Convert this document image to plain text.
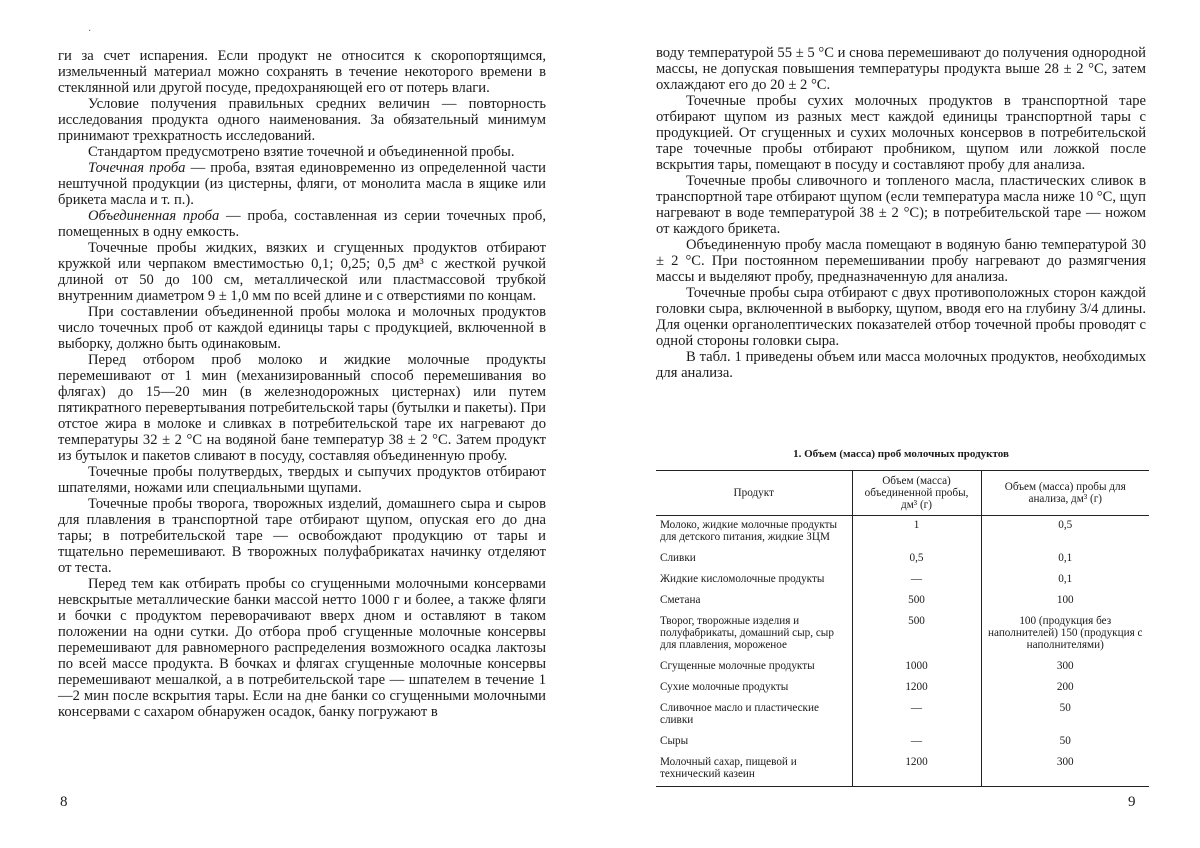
·

ги за счет испарения. Если продукт не относится к скоропортящимся, измельченный материал можно сохранять в течение некоторого времени в стеклянной или другой посуде, предохраняющей его от потерь влаги.

Условие получения правильных средних величин — повторность исследования продукта одного наименования. За обязательный минимум принимают трехкратность исследований.

Стандартом предусмотрено взятие точечной и объединенной пробы.

Точечная проба — проба, взятая единовременно из определенной части нештучной продукции (из цистерны, фляги, от монолита масла в ящике или брикета масла и т. п.).

Объединенная проба — проба, составленная из серии точечных проб, помещенных в одну емкость.

Точечные пробы жидких, вязких и сгущенных продуктов отбирают кружкой или черпаком вместимостью 0,1; 0,25; 0,5 дм³ с жесткой ручкой длиной от 50 до 100 см, металлической или пластмассовой трубкой внутренним диаметром 9 ± 1,0 мм по всей длине и с отверстиями по концам.

При составлении объединенной пробы молока и молочных продуктов число точечных проб от каждой единицы тары с продукцией, включенной в выборку, должно быть одинаковым.

Перед отбором проб молоко и жидкие молочные продукты перемешивают от 1 мин (механизированный способ перемешивания во флягах) до 15—20 мин (в железнодорожных цистернах) или путем пятикратного перевертывания потребительской тары (бутылки и пакеты). При отстое жира в молоке и сливках в потребительской таре их нагревают до температуры 32 ± 2 °С на водяной бане температур 38 ± 2 °С. Затем продукт из бутылок и пакетов сливают в посуду, составляя объединенную пробу.

Точечные пробы полутвердых, твердых и сыпучих продуктов отбирают шпателями, ножами или специальными щупами.

Точечные пробы творога, творожных изделий, домашнего сыра и сыров для плавления в транспортной таре отбирают щупом, опуская его до дна тары; в потребительской таре — освобождают продукцию от тары и тщательно перемешивают. В творожных полуфабрикатах начинку отделяют от теста.

Перед тем как отбирать пробы со сгущенными молочными консервами невскрытые металлические банки массой нетто 1000 г и более, а также фляги и бочки с продуктом переворачивают вверх дном и оставляют в таком положении на одни сутки. До отбора проб сгущенные молочные консервы перемешивают для равномерного распределения возможного осадка лактозы по всей массе продукта. В бочках и флягах сгущенные молочные консервы перемешивают мешалкой, а в потребительской таре — шпателем в течение 1—2 мин после вскрытия тары. Если на дне банки со сгущенными молочными консервами с сахаром обнаружен осадок, банку погружают в

8

воду температурой 55 ± 5 °С и снова перемешивают до получения однородной массы, не допуская повышения температуры продукта выше 28 ± 2 °С, затем охлаждают его до 20 ± 2 °С.

Точечные пробы сухих молочных продуктов в транспортной таре отбирают щупом из разных мест каждой единицы транспортной тары с продукцией. От сгущенных и сухих молочных консервов в потребительской таре точечные пробы отбирают пробником, щупом или ложкой после вскрытия тары, помещают в посуду и составляют пробу для анализа.

Точечные пробы сливочного и топленого масла, пластических сливок в транспортной таре отбирают щупом (если температура масла ниже 10 °С, щуп нагревают в воде температурой 38 ± 2 °С); в потребительской таре — ножом от каждого брикета.

Объединенную пробу масла помещают в водяную баню температурой 30 ± 2 °С. При постоянном перемешивании пробу нагревают до размягчения массы и выделяют пробу, предназначенную для анализа.

Точечные пробы сыра отбирают с двух противоположных сторон каждой головки сыра, включенной в выборку, щупом, вводя его на глубину 3/4 длины. Для оценки органолептических показателей отбор точечной пробы проводят с одной стороны головки сыра.

В табл. 1 приведены объем или масса молочных продуктов, необходимых для анализа.

1. Объем (масса) проб молочных продуктов
Продукт	Объем (масса) объединенной пробы, дм³ (г)	Объем (масса) пробы для анализа, дм³ (г)
Молоко, жидкие молочные продукты для детского питания, жидкие ЗЦМ	1	0,5
Сливки	0,5	0,1
Жидкие кисломолочные продукты	—	0,1
Сметана	500	100
Творог, творожные изделия и полуфабрикаты, домашний сыр, сыр для плавления, мороженое	500	100 (продукция без наполнителей) 150 (продукция с наполнителями)
Сгущенные молочные продукты	1000	300
Сухие молочные продукты	1200	200
Сливочное масло и пластические сливки	—	50
Сыры	—	50
Молочный сахар, пищевой и технический казеин	1200	300
9
